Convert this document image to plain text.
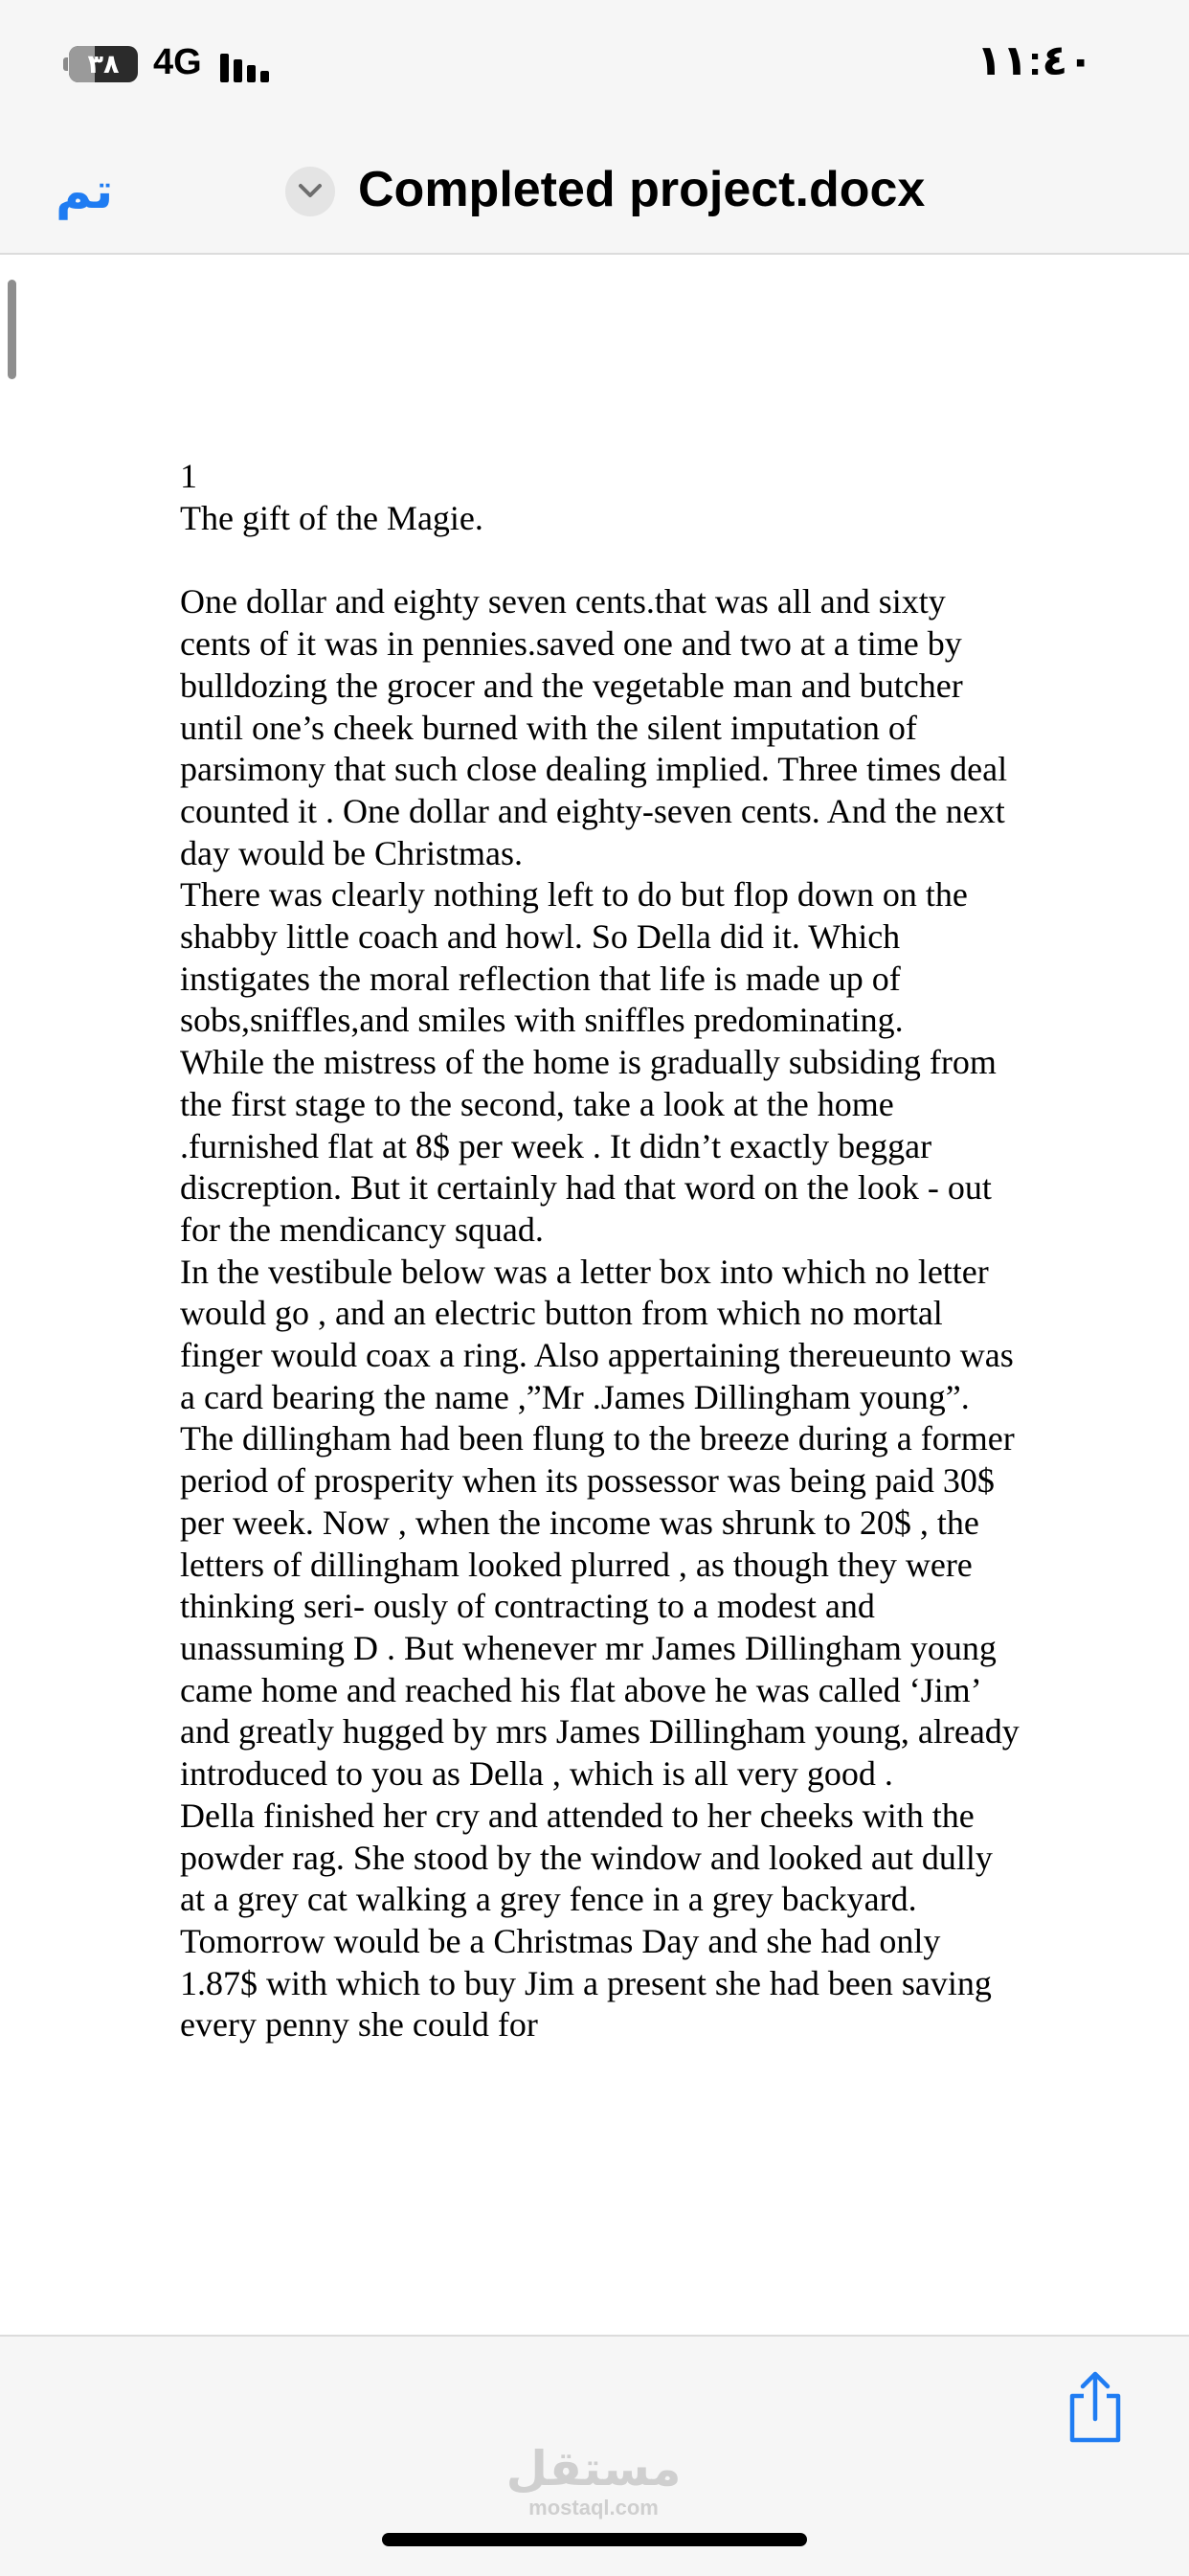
٣٨ 4G	١١:٤٠
تم	Completed project.docx

1

The gift of the Magie.

One dollar and eighty seven cents.that was all and sixty cents of it was in pennies.saved one and two at a time by bulldozing the grocer and the vegetable man and butcher until one’s cheek burned with the silent imputation of parsimony that such close dealing implied. Three times deal counted it . One dollar and eighty-seven cents. And the next day would be Christmas.

There was clearly nothing left to do but flop down on the shabby little coach and howl. So Della did it. Which instigates the moral reflection that life is made up of sobs,sniffles,and smiles with sniffles predominating.

While the mistress of the home is gradually subsiding from the first stage to the second, take a look at the home .furnished flat at 8$ per week . It didn’t exactly beggar discreption. But it certainly had that word on the look - out for the mendicancy squad.

In the vestibule below was a letter box into which no letter would go , and an electric button from which no mortal finger would coax a ring. Also appertaining thereueunto was a card bearing the name ,”Mr .James Dillingham young”.

The dillingham had been flung to the breeze during a former period of prosperity when its possessor was being paid 30$ per week. Now , when the income was shrunk to 20$ , the letters of dillingham looked plurred , as though they were thinking seri- ously of contracting to a modest and unassuming D . But whenever mr James Dillingham young came home and reached his flat above he was called ‘Jim’ and greatly hugged by mrs James Dillingham young, already introduced to you as Della , which is all very good .

Della finished her cry and attended to her cheeks with the powder rag. She stood by the window and looked aut dully at a grey cat walking a grey fence in a grey backyard. Tomorrow would be a Christmas Day and she had only 1.87$ with which to buy Jim a present she had been saving every penny she could for

مستقل
mostaql.com
